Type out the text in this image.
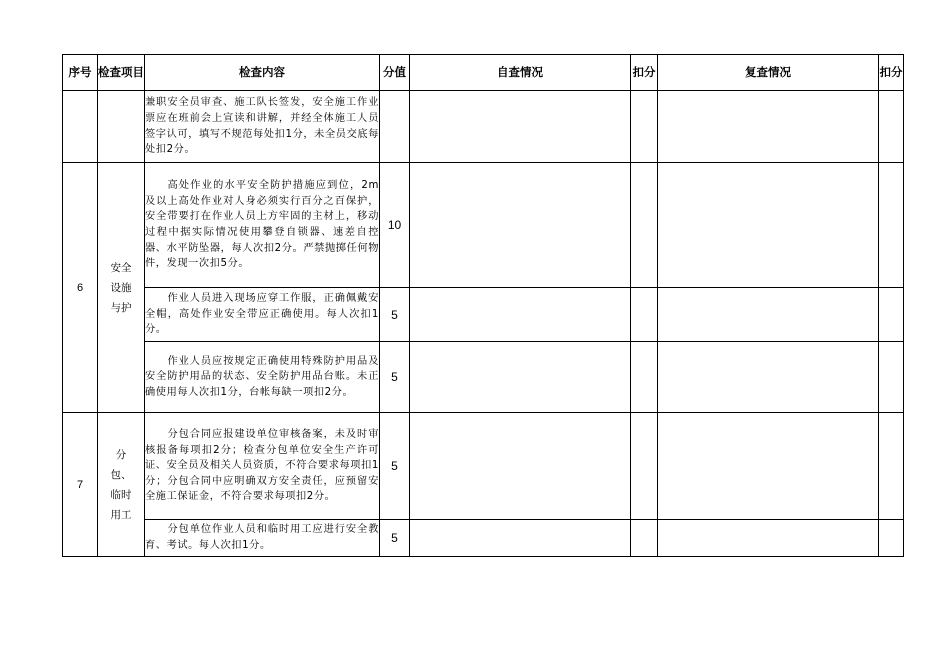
序号	检查项目	检查内容	分值	自查情况	扣分	复查情况	扣分

		兼职安全员审查、施工队长签发，安全施工作业票应在班前会上宣读和讲解，并经全体施工人员签字认可，填写不规范每处扣1分，未全员交底每处扣2分。					

6	安全设施与护	高处作业的水平安全防护措施应到位，2m及以上高处作业对人身必须实行百分之百保护，安全带要打在作业人员上方牢固的主材上，移动过程中据实际情况使用攀登自锁器、速差自控器、水平防坠器，每人次扣2分。严禁抛掷任何物件，发现一次扣5分。	10				

		作业人员进入现场应穿工作服，正确佩戴安全帽，高处作业安全带应正确使用。每人次扣1分。	5				

		作业人员应按规定正确使用特殊防护用品及安全防护用品的状态、安全防护用品台账。未正确使用每人次扣1分，台帐每缺一项扣2分。	5				
7	分包、临时用工	分包合同应报建设单位审核备案，未及时审核报备每项扣2分；检查分包单位安全生产许可证、安全员及相关人员资质，不符合要求每项扣1分；分包合同中应明确双方安全责任，应预留安全施工保证金，不符合要求每项扣2分。	5				

		分包单位作业人员和临时用工应进行安全教育、考试。每人次扣1分。	5				
